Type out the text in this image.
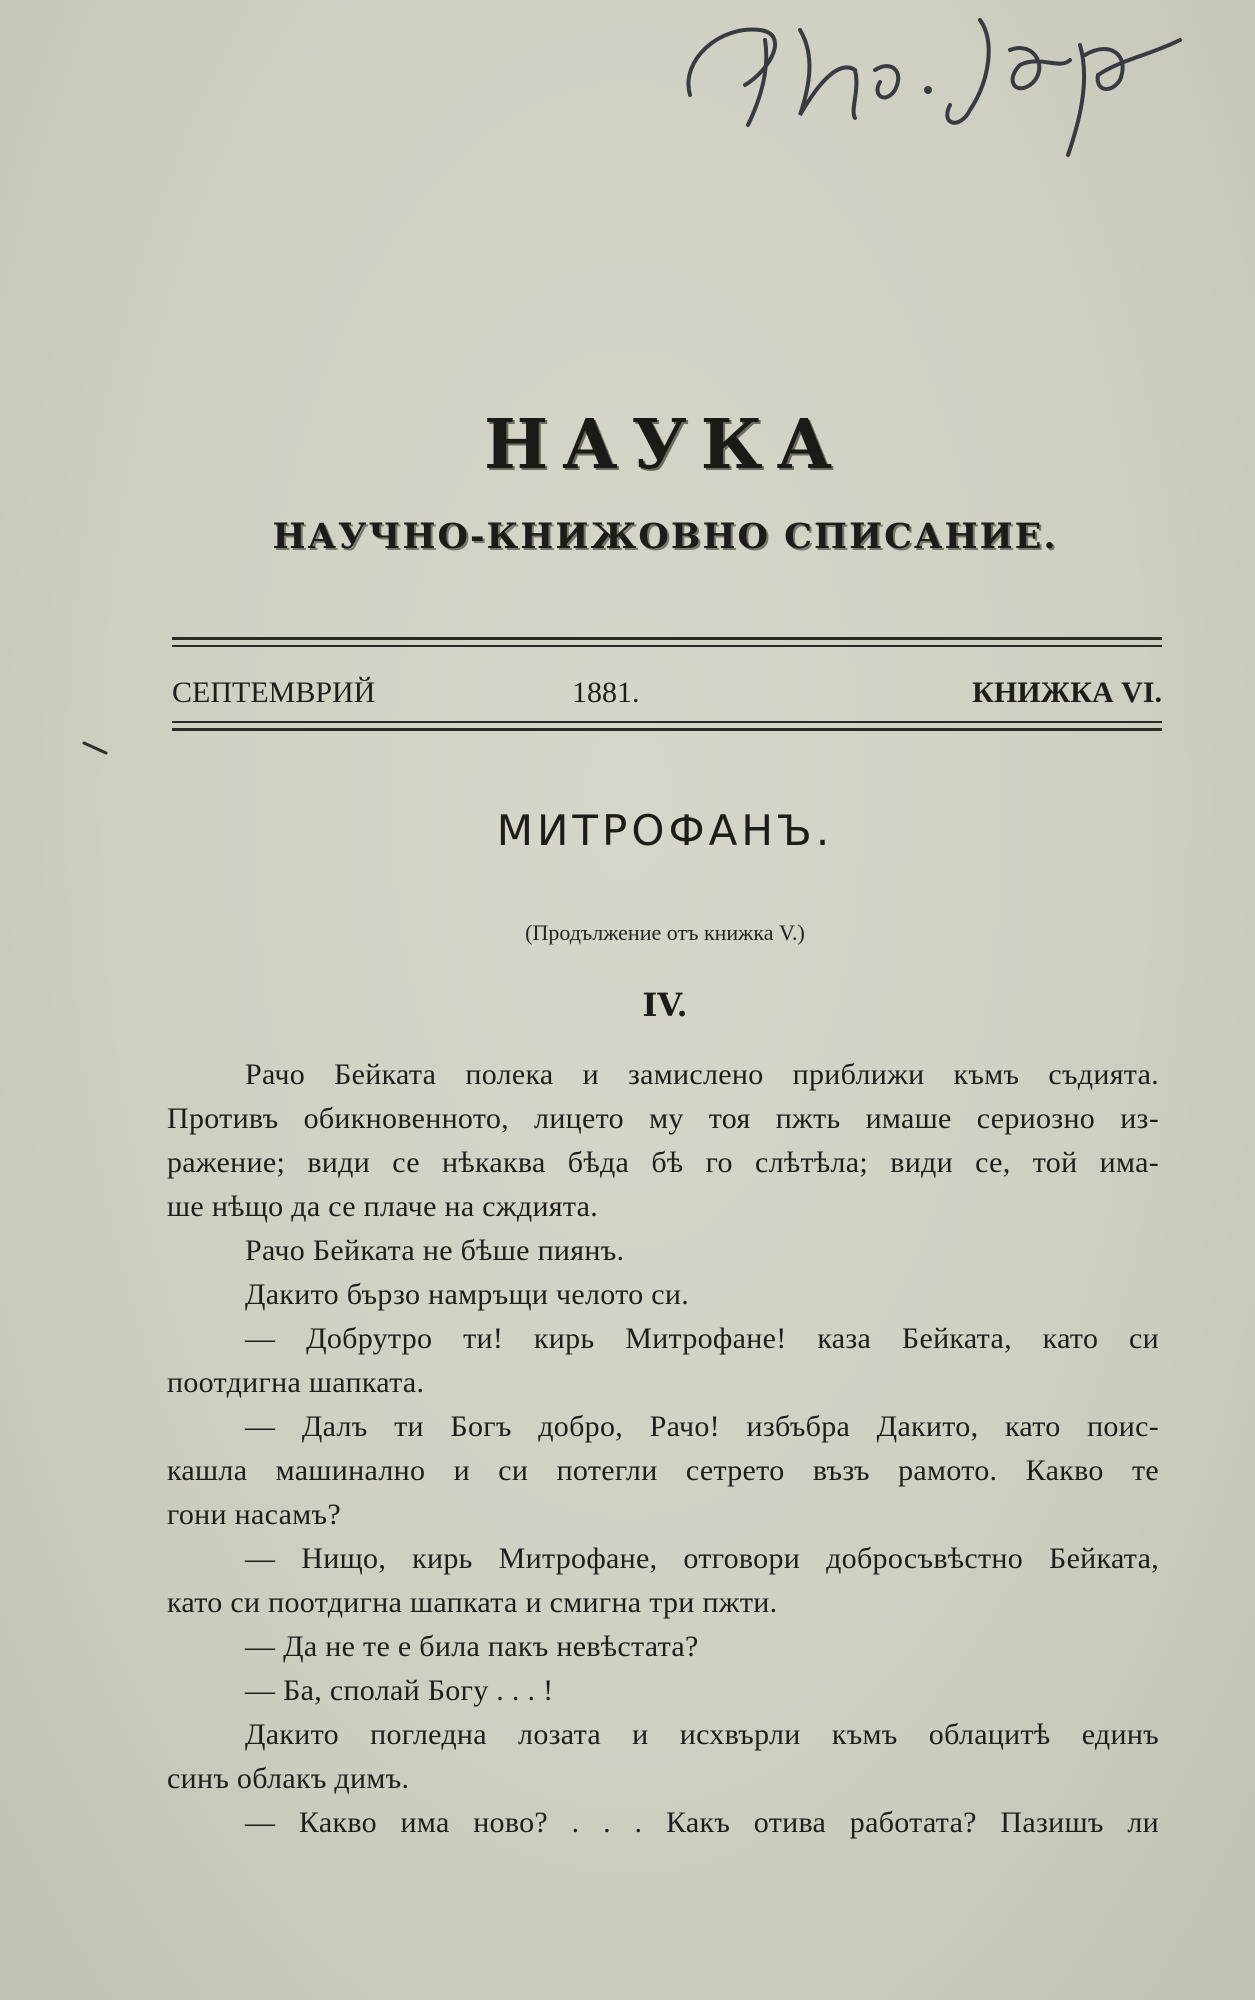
НАУКА
НАУЧНО-КНИЖОВНО СПИСАНИЕ.
СЕПТЕМВРИЙ	1881.	КНИЖКА VI.
МИТРОФАНЪ.
(Продължение отъ книжка V.)
IV.
Рачо Бейката полека и замислено приближи къмъ съдията.
Противъ обикновенното, лицето му тоя пжть имаше сериозно из-
ражение; види се нѣкаква бѣда бѣ го слѣтѣла; види се, той има-
ше нѣщо да се плаче на сждията.
Рачо Бейката не бѣше пиянъ.
Дакито бързо намръщи челото си.
— Добрутро ти! кирь Митрофане! каза Бейката, като си
поотдигна шапката.
— Далъ ти Богъ добро, Рачо! избъбра Дакито, като поис-
кашла машинално и си потегли сетрето възъ рамото. Какво те
гони насамъ?
— Нищо, кирь Митрофане, отговори добросъвѣстно Бейката,
като си поотдигна шапката и смигна три пжти.
— Да не те е била пакъ невѣстата?
— Ба, сполай Богу . . . !
Дакито погледна лозата и исхвърли къмъ облацитѣ единъ
синъ облакъ димъ.
— Какво има ново? . . . Какъ отива работата? Пазишъ ли
